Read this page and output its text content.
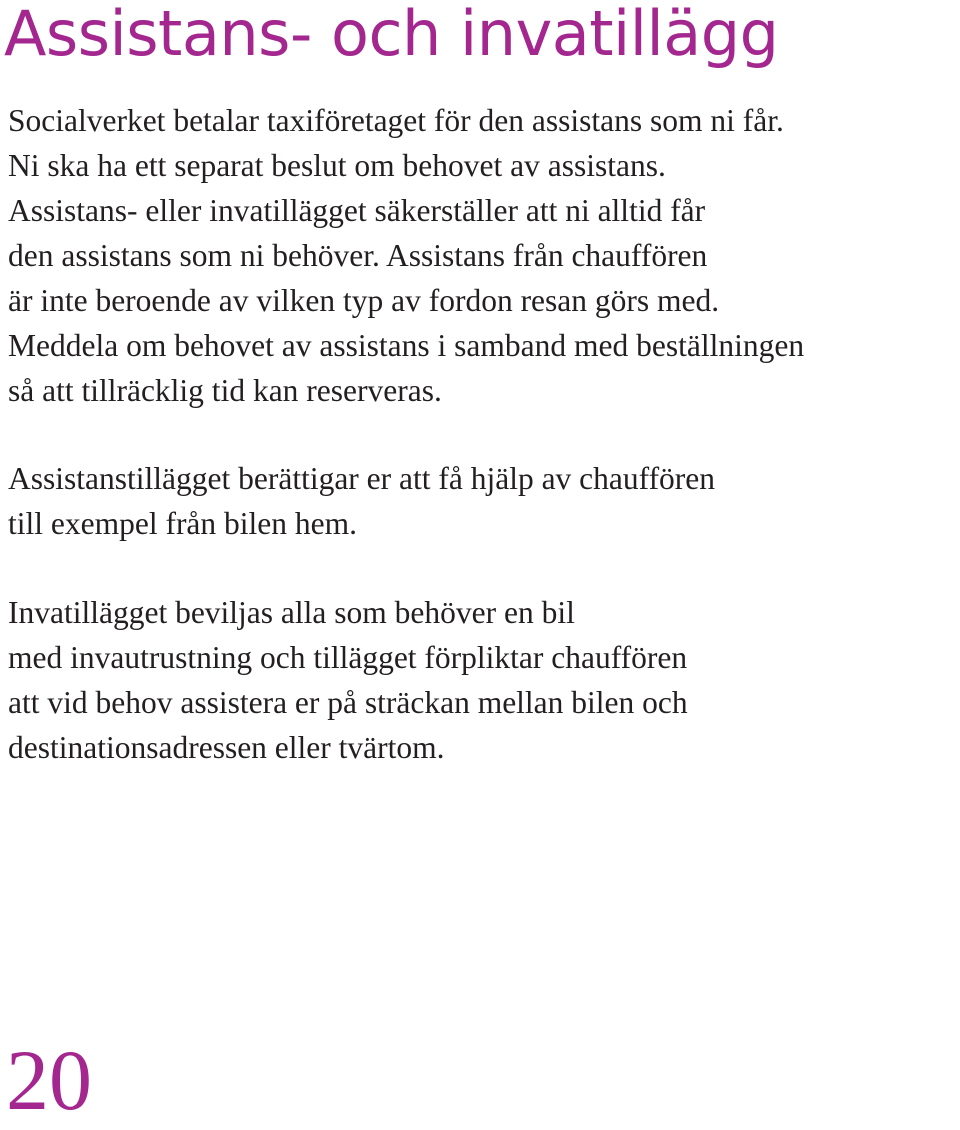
Assistans- och invatillägg

Socialverket betalar taxiföretaget för den assistans som ni får.
Ni ska ha ett separat beslut om behovet av assistans.
Assistans- eller invatillägget säkerställer att ni alltid får
den assistans som ni behöver. Assistans från chauffören
är inte beroende av vilken typ av fordon resan görs med.
Meddela om behovet av assistans i samband med beställningen
så att tillräcklig tid kan reserveras.

Assistanstillägget berättigar er att få hjälp av chauffören
till exempel från bilen hem.

Invatillägget beviljas alla som behöver en bil
med invautrustning och tillägget förpliktar chauffören
att vid behov assistera er på sträckan mellan bilen och
destinationsadressen eller tvärtom.

20
